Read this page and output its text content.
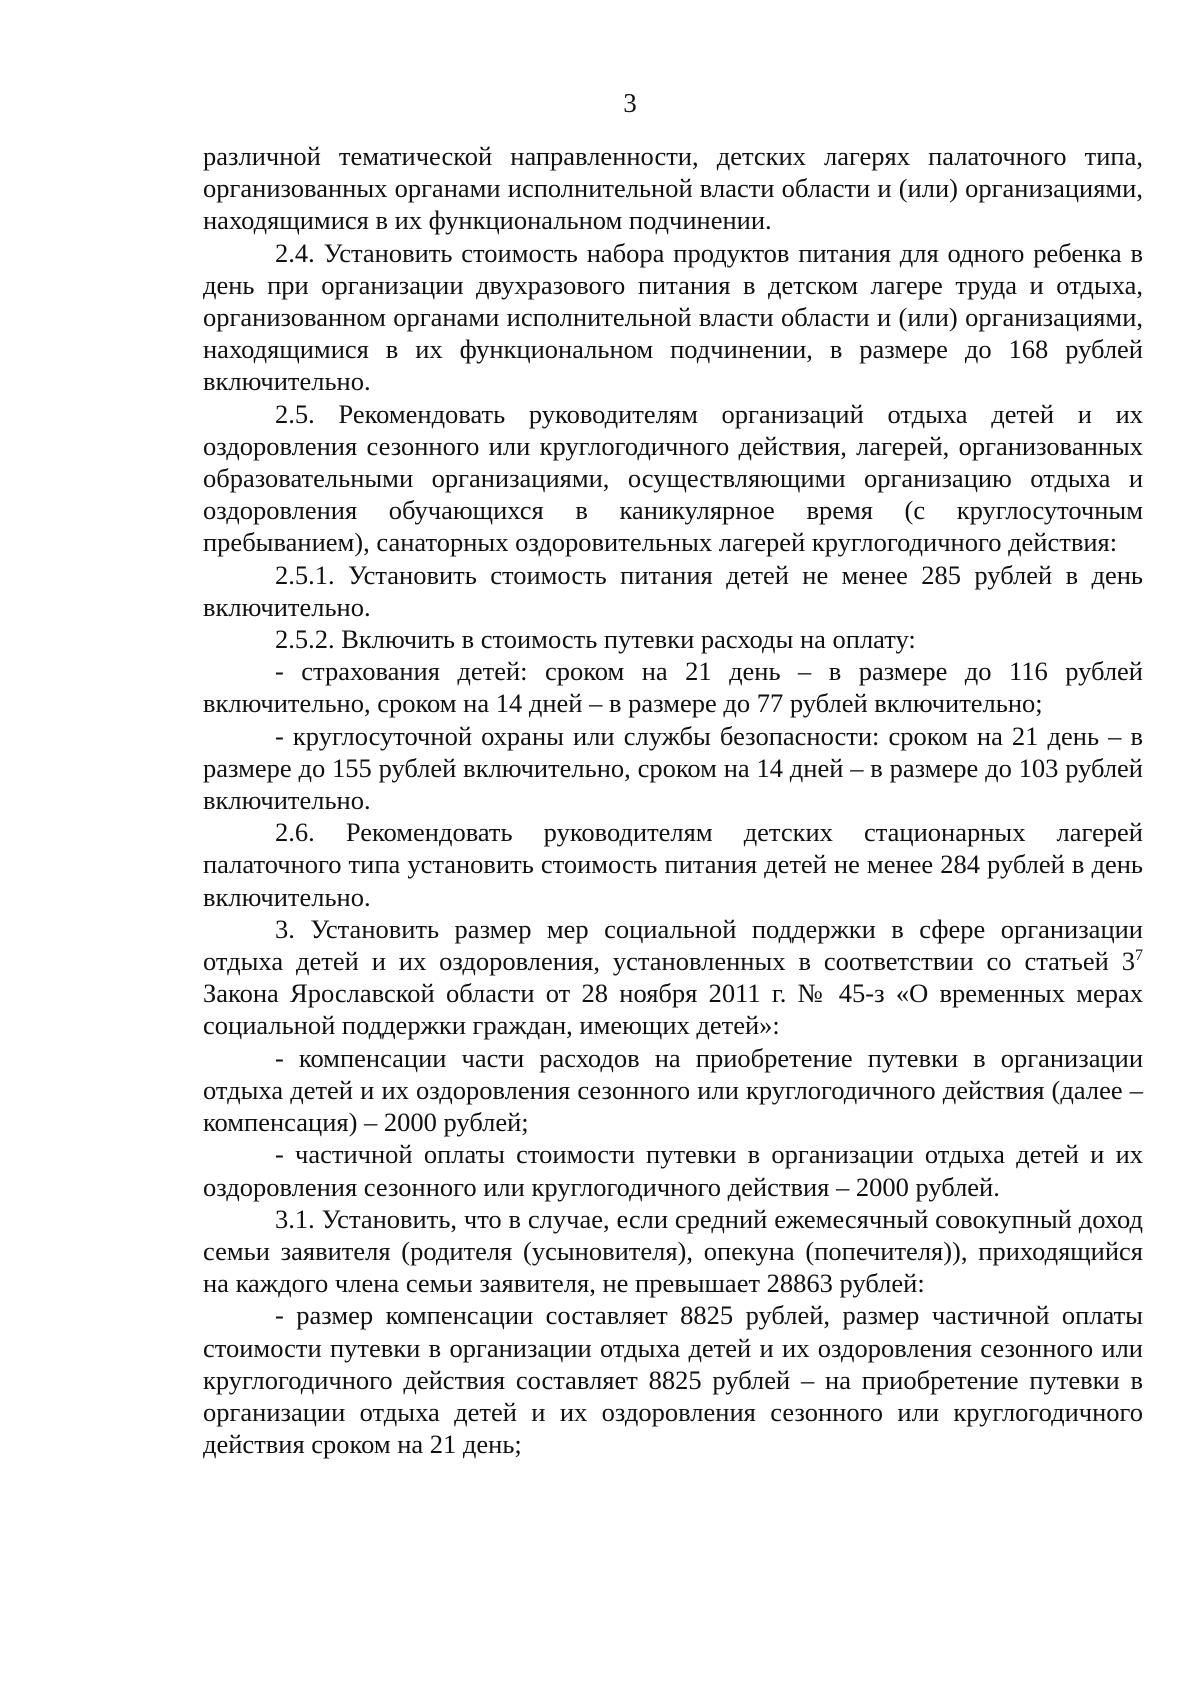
3

различной тематической направленности, детских лагерях палаточного типа, организованных органами исполнительной власти области и (или) организациями, находящимися в их функциональном подчинении.

2.4. Установить стоимость набора продуктов питания для одного ребенка в день при организации двухразового питания в детском лагере труда и отдыха, организованном органами исполнительной власти области и (или) организациями, находящимися в их функциональном подчинении, в размере до 168 рублей включительно.

2.5. Рекомендовать руководителям организаций отдыха детей и их оздоровления сезонного или круглогодичного действия, лагерей, организованных образовательными организациями, осуществляющими организацию отдыха и оздоровления обучающихся в каникулярное время (с круглосуточным пребыванием), санаторных оздоровительных лагерей круглогодичного действия:

2.5.1. Установить стоимость питания детей не менее 285 рублей в день включительно.

2.5.2. Включить в стоимость путевки расходы на оплату:

- страхования детей: сроком на 21 день – в размере до 116 рублей включительно, сроком на 14 дней – в размере до 77 рублей включительно;

- круглосуточной охраны или службы безопасности: сроком на 21 день – в размере до 155 рублей включительно, сроком на 14 дней – в размере до 103 рублей включительно.

2.6. Рекомендовать руководителям детских стационарных лагерей палаточного типа установить стоимость питания детей не менее 284 рублей в день включительно.

3. Установить размер мер социальной поддержки в сфере организации отдыха детей и их оздоровления, установленных в соответствии со статьей $3^7$ Закона Ярославской области от 28 ноября 2011 г. № 45-з «О временных мерах социальной поддержки граждан, имеющих детей»:

- компенсации части расходов на приобретение путевки в организации отдыха детей и их оздоровления сезонного или круглогодичного действия (далее – компенсация) – 2000 рублей;

- частичной оплаты стоимости путевки в организации отдыха детей и их оздоровления сезонного или круглогодичного действия – 2000 рублей.

3.1. Установить, что в случае, если средний ежемесячный совокупный доход семьи заявителя (родителя (усыновителя), опекуна (попечителя)), приходящийся на каждого члена семьи заявителя, не превышает 28863 рублей:

- размер компенсации составляет 8825 рублей, размер частичной оплаты стоимости путевки в организации отдыха детей и их оздоровления сезонного или круглогодичного действия составляет 8825 рублей – на приобретение путевки в организации отдыха детей и их оздоровления сезонного или круглогодичного действия сроком на 21 день;
